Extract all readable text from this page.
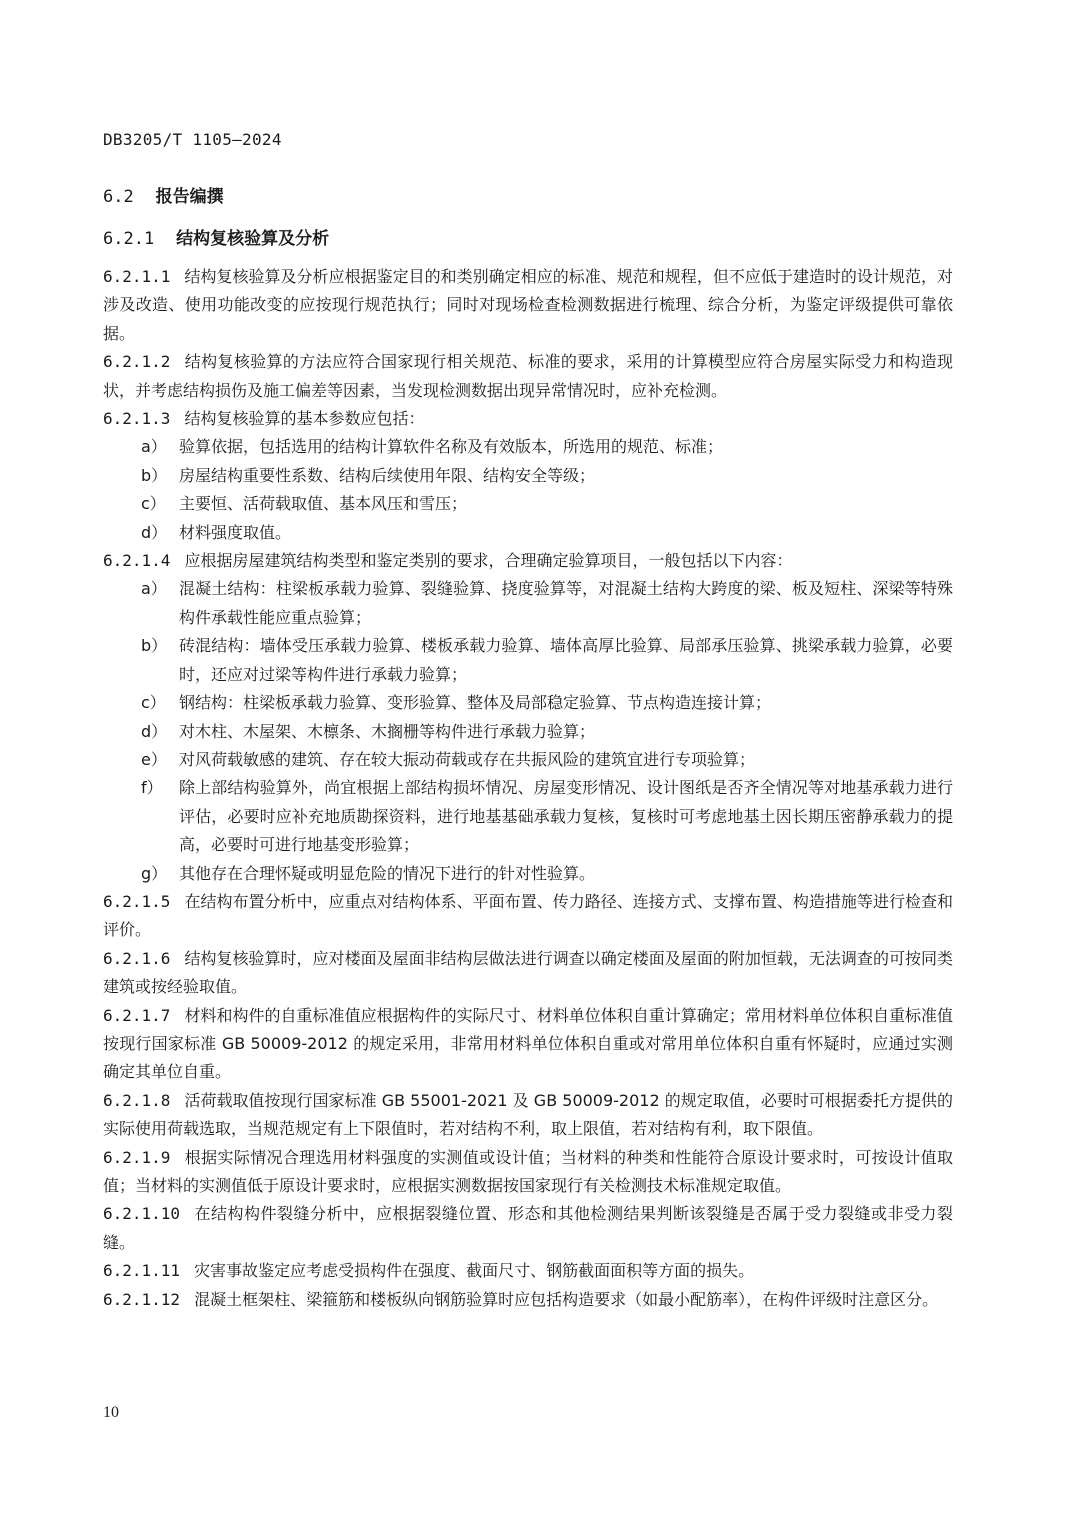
DB3205/T 1105—2024
6.2 报告编撰
6.2.1 结构复核验算及分析

6.2.1.1 结构复核验算及分析应根据鉴定目的和类别确定相应的标准、规范和规程，但不应低于建造时的设计规范，对涉及改造、使用功能改变的应按现行规范执行；同时对现场检查检测数据进行梳理、综合分析，为鉴定评级提供可靠依据。

6.2.1.2 结构复核验算的方法应符合国家现行相关规范、标准的要求，采用的计算模型应符合房屋实际受力和构造现状，并考虑结构损伤及施工偏差等因素，当发现检测数据出现异常情况时，应补充检测。

6.2.1.3 结构复核验算的基本参数应包括：

a） 验算依据，包括选用的结构计算软件名称及有效版本，所选用的规范、标准；

b） 房屋结构重要性系数、结构后续使用年限、结构安全等级；

c） 主要恒、活荷载取值、基本风压和雪压；

d） 材料强度取值。

6.2.1.4 应根据房屋建筑结构类型和鉴定类别的要求，合理确定验算项目，一般包括以下内容：

a） 混凝土结构：柱梁板承载力验算、裂缝验算、挠度验算等，对混凝土结构大跨度的梁、板及短柱、深梁等特殊构件承载性能应重点验算；

b） 砖混结构：墙体受压承载力验算、楼板承载力验算、墙体高厚比验算、局部承压验算、挑梁承载力验算，必要时，还应对过梁等构件进行承载力验算；

c） 钢结构：柱梁板承载力验算、变形验算、整体及局部稳定验算、节点构造连接计算；

d） 对木柱、木屋架、木檩条、木搁栅等构件进行承载力验算；

e） 对风荷载敏感的建筑、存在较大振动荷载或存在共振风险的建筑宜进行专项验算；

f） 除上部结构验算外，尚宜根据上部结构损坏情况、房屋变形情况、设计图纸是否齐全情况等对地基承载力进行评估，必要时应补充地质勘探资料，进行地基基础承载力复核，复核时可考虑地基土因长期压密静承载力的提高，必要时可进行地基变形验算；

g） 其他存在合理怀疑或明显危险的情况下进行的针对性验算。

6.2.1.5 在结构布置分析中，应重点对结构体系、平面布置、传力路径、连接方式、支撑布置、构造措施等进行检查和评价。

6.2.1.6 结构复核验算时，应对楼面及屋面非结构层做法进行调查以确定楼面及屋面的附加恒载，无法调查的可按同类建筑或按经验取值。

6.2.1.7 材料和构件的自重标准值应根据构件的实际尺寸、材料单位体积自重计算确定；常用材料单位体积自重标准值按现行国家标准 GB 50009-2012 的规定采用，非常用材料单位体积自重或对常用单位体积自重有怀疑时，应通过实测确定其单位自重。

6.2.1.8 活荷载取值按现行国家标准 GB 55001-2021 及 GB 50009-2012 的规定取值，必要时可根据委托方提供的实际使用荷载选取，当规范规定有上下限值时，若对结构不利，取上限值，若对结构有利，取下限值。

6.2.1.9 根据实际情况合理选用材料强度的实测值或设计值；当材料的种类和性能符合原设计要求时，可按设计值取值；当材料的实测值低于原设计要求时，应根据实测数据按国家现行有关检测技术标准规定取值。

6.2.1.10 在结构构件裂缝分析中，应根据裂缝位置、形态和其他检测结果判断该裂缝是否属于受力裂缝或非受力裂缝。

6.2.1.11 灾害事故鉴定应考虑受损构件在强度、截面尺寸、钢筋截面面积等方面的损失。

6.2.1.12 混凝土框架柱、梁箍筋和楼板纵向钢筋验算时应包括构造要求（如最小配筋率），在构件评级时注意区分。

10
